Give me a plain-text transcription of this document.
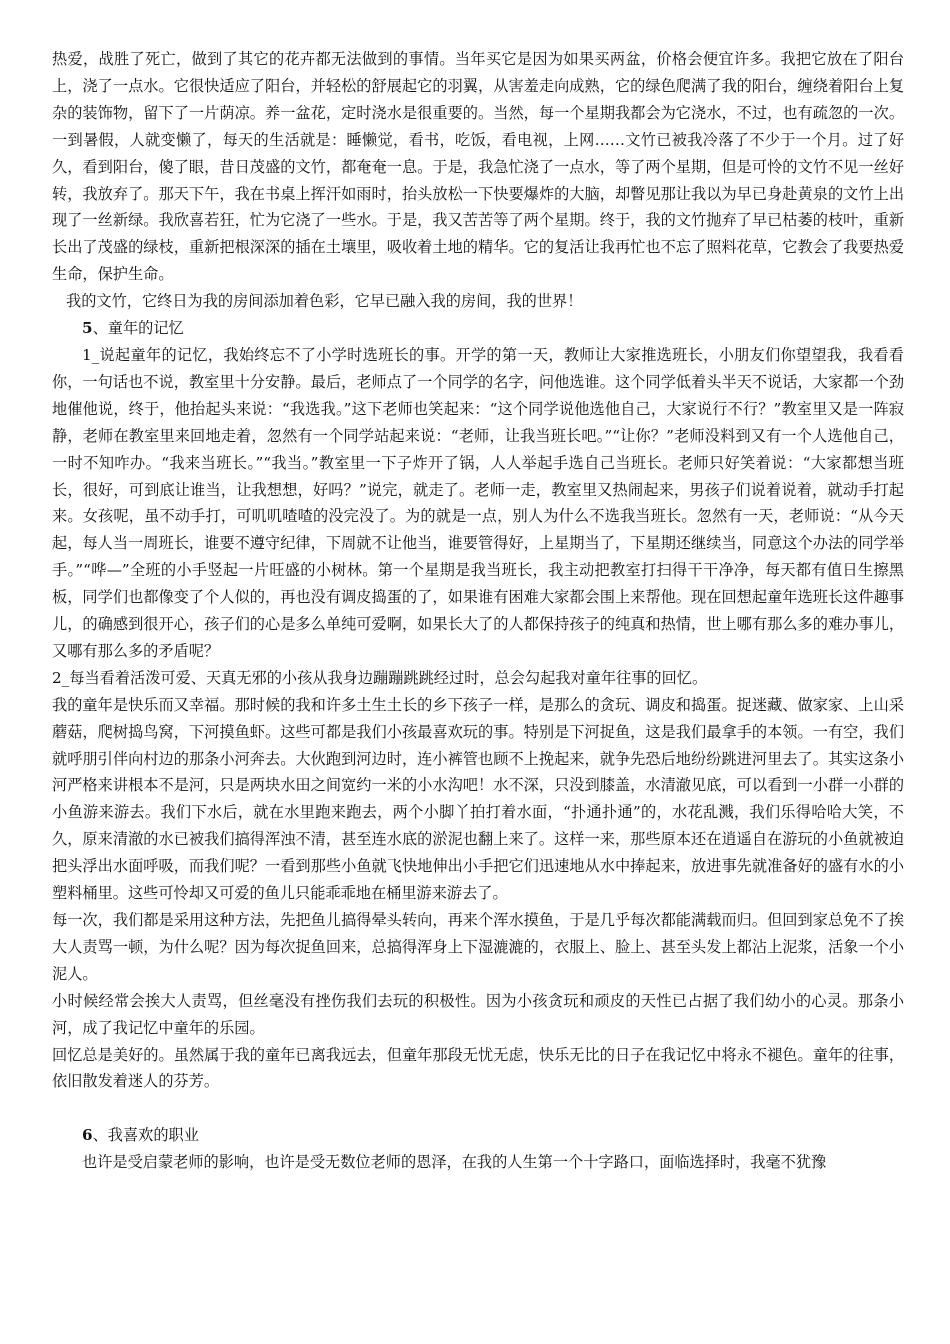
热爱，战胜了死亡，做到了其它的花卉都无法做到的事情。当年买它是因为如果买两盆，价格会便宜许多。我把它放在了阳台上，浇了一点水。它很快适应了阳台，并轻松的舒展起它的羽翼，从害羞走向成熟，它的绿色爬满了我的阳台，缠绕着阳台上复杂的装饰物，留下了一片荫凉。养一盆花，定时浇水是很重要的。当然，每一个星期我都会为它浇水，不过，也有疏忽的一次。一到暑假，人就变懒了，每天的生活就是：睡懒觉，看书，吃饭，看电视，上网……文竹已被我冷落了不少于一个月。过了好久，看到阳台，傻了眼，昔日茂盛的文竹，都奄奄一息。于是，我急忙浇了一点水，等了两个星期，但是可怜的文竹不见一丝好转，我放弃了。那天下午，我在书桌上挥汗如雨时，抬头放松一下快要爆炸的大脑，却瞥见那让我以为早已身赴黄泉的文竹上出现了一丝新绿。我欣喜若狂，忙为它浇了一些水。于是，我又苦苦等了两个星期。终于，我的文竹抛弃了早已枯萎的枝叶，重新长出了茂盛的绿枝，重新把根深深的插在土壤里，吸收着土地的精华。它的复活让我再忙也不忘了照料花草，它教会了我要热爱生命，保护生命。

我的文竹，它终日为我的房间添加着色彩，它早已融入我的房间，我的世界！

5、童年的记忆

1_说起童年的记忆，我始终忘不了小学时选班长的事。开学的第一天，教师让大家推选班长，小朋友们你望望我，我看看你，一句话也不说，教室里十分安静。最后，老师点了一个同学的名字，问他选谁。这个同学低着头半天不说话，大家都一个劲地催他说，终于，他抬起头来说：“我选我。”这下老师也笑起来：“这个同学说他选他自己，大家说行不行？”教室里又是一阵寂静，老师在教室里来回地走着，忽然有一个同学站起来说：“老师，让我当班长吧。”“让你？”老师没料到又有一个人选他自己，一时不知咋办。“我来当班长。”“我当。”教室里一下子炸开了锅，人人举起手选自己当班长。老师只好笑着说：“大家都想当班长，很好，可到底让谁当，让我想想，好吗？”说完，就走了。老师一走，教室里又热闹起来，男孩子们说着说着，就动手打起来。女孩呢，虽不动手打，可叽叽喳喳的没完没了。为的就是一点，别人为什么不选我当班长。忽然有一天，老师说：“从今天起，每人当一周班长，谁要不遵守纪律，下周就不让他当，谁要管得好，上星期当了，下星期还继续当，同意这个办法的同学举手。”“哗—”全班的小手竖起一片旺盛的小树林。第一个星期是我当班长，我主动把教室打扫得干干净净，每天都有值日生擦黑板，同学们也都像变了个人似的，再也没有调皮捣蛋的了，如果谁有困难大家都会围上来帮他。现在回想起童年选班长这件趣事儿，的确感到很开心，孩子们的心是多么单纯可爱啊，如果长大了的人都保持孩子的纯真和热情，世上哪有那么多的难办事儿，又哪有那么多的矛盾呢？

2_每当看着活泼可爱、天真无邪的小孩从我身边蹦蹦跳跳经过时，总会勾起我对童年往事的回忆。

我的童年是快乐而又幸福。那时候的我和许多土生土长的乡下孩子一样，是那么的贪玩、调皮和捣蛋。捉迷藏、做家家、上山采蘑菇，爬树捣鸟窝，下河摸鱼虾。这些可都是我们小孩最喜欢玩的事。特别是下河捉鱼，这是我们最拿手的本领。一有空，我们就呼朋引伴向村边的那条小河奔去。大伙跑到河边时，连小裤管也顾不上挽起来，就争先恐后地纷纷跳进河里去了。其实这条小河严格来讲根本不是河，只是两块水田之间宽约一米的小水沟吧！水不深，只没到膝盖，水清澈见底，可以看到一小群一小群的小鱼游来游去。我们下水后，就在水里跑来跑去，两个小脚丫拍打着水面，“扑通扑通”的，水花乱溅，我们乐得哈哈大笑，不久，原来清澈的水已被我们搞得浑浊不清，甚至连水底的淤泥也翻上来了。这样一来，那些原本还在逍遥自在游玩的小鱼就被迫把头浮出水面呼吸，而我们呢？一看到那些小鱼就飞快地伸出小手把它们迅速地从水中捧起来，放进事先就准备好的盛有水的小塑料桶里。这些可怜却又可爱的鱼儿只能乖乖地在桶里游来游去了。

每一次，我们都是采用这种方法，先把鱼儿搞得晕头转向，再来个浑水摸鱼，于是几乎每次都能满载而归。但回到家总免不了挨大人责骂一顿，为什么呢？因为每次捉鱼回来，总搞得浑身上下湿漉漉的，衣服上、脸上、甚至头发上都沾上泥浆，活象一个小泥人。

小时候经常会挨大人责骂，但丝毫没有挫伤我们去玩的积极性。因为小孩贪玩和顽皮的天性已占据了我们幼小的心灵。那条小河，成了我记忆中童年的乐园。

回忆总是美好的。虽然属于我的童年已离我远去，但童年那段无忧无虑，快乐无比的日子在我记忆中将永不褪色。童年的往事，依旧散发着迷人的芬芳。

6、我喜欢的职业

也许是受启蒙老师的影响，也许是受无数位老师的恩泽，在我的人生第一个十字路口，面临选择时，我毫不犹豫
